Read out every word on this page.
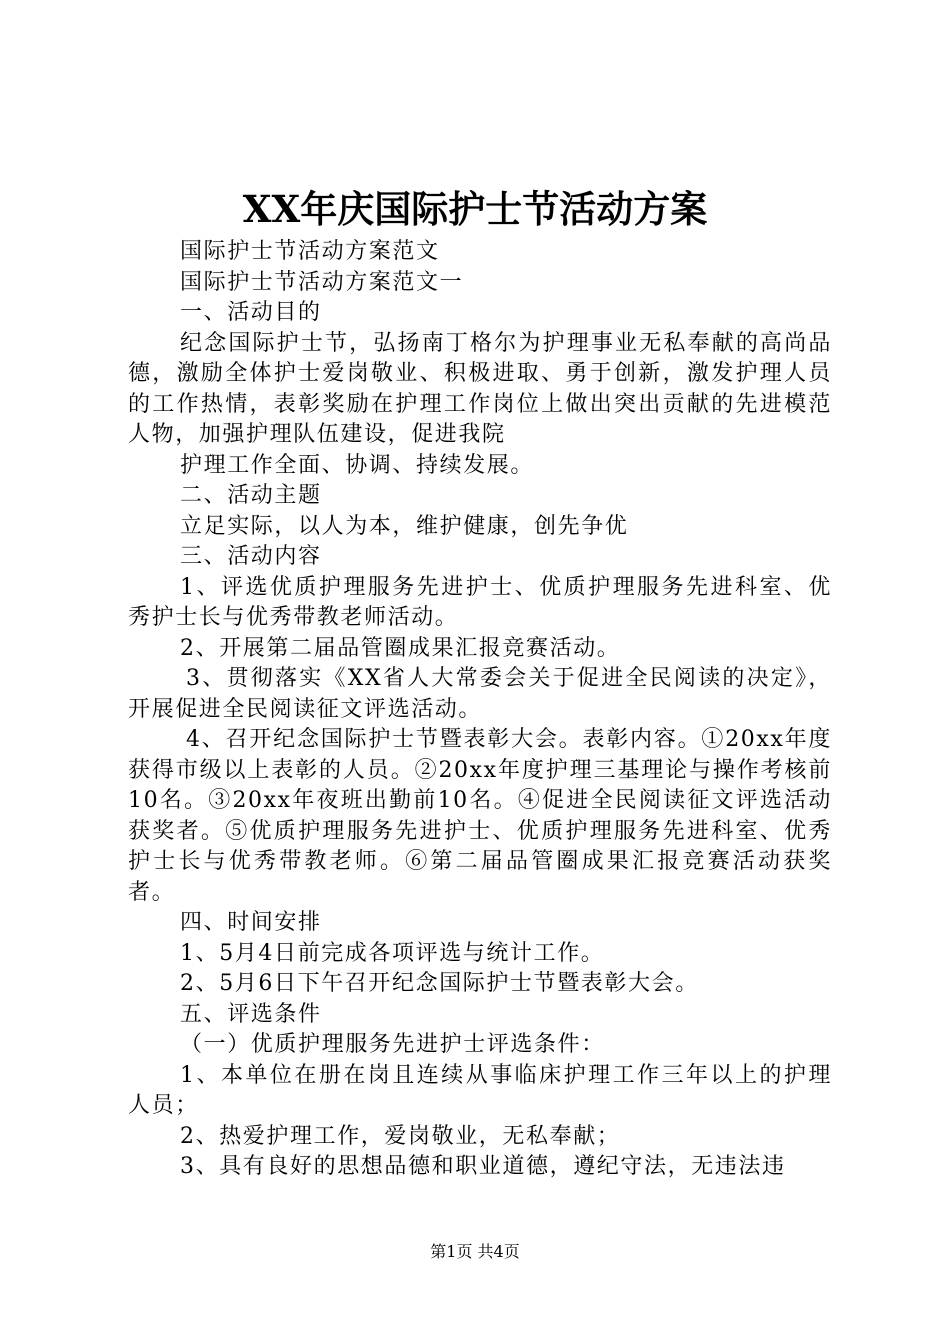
XX年庆国际护士节活动方案

国际护士节活动方案范文

国际护士节活动方案范文一

一、活动目的

纪念国际护士节，弘扬南丁格尔为护理事业无私奉献的高尚品德，激励全体护士爱岗敬业、积极进取、勇于创新，激发护理人员的工作热情，表彰奖励在护理工作岗位上做出突出贡献的先进模范人物，加强护理队伍建设，促进我院

护理工作全面、协调、持续发展。

二、活动主题

立足实际，以人为本，维护健康，创先争优

三、活动内容

1、评选优质护理服务先进护士、优质护理服务先进科室、优秀护士长与优秀带教老师活动。

2、开展第二届品管圈成果汇报竞赛活动。

3、贯彻落实《XX省人大常委会关于促进全民阅读的决定》，开展促进全民阅读征文评选活动。

4、召开纪念国际护士节暨表彰大会。表彰内容。①20xx年度获得市级以上表彰的人员。②20xx年度护理三基理论与操作考核前10名。③20xx年夜班出勤前10名。④促进全民阅读征文评选活动获奖者。⑤优质护理服务先进护士、优质护理服务先进科室、优秀护士长与优秀带教老师。⑥第二届品管圈成果汇报竞赛活动获奖者。

四、时间安排

1、5月4日前完成各项评选与统计工作。

2、5月6日下午召开纪念国际护士节暨表彰大会。

五、评选条件

（一）优质护理服务先进护士评选条件：

1、本单位在册在岗且连续从事临床护理工作三年以上的护理人员；

2、热爱护理工作，爱岗敬业，无私奉献；

3、具有良好的思想品德和职业道德，遵纪守法，无违法违

第1页 共4页
